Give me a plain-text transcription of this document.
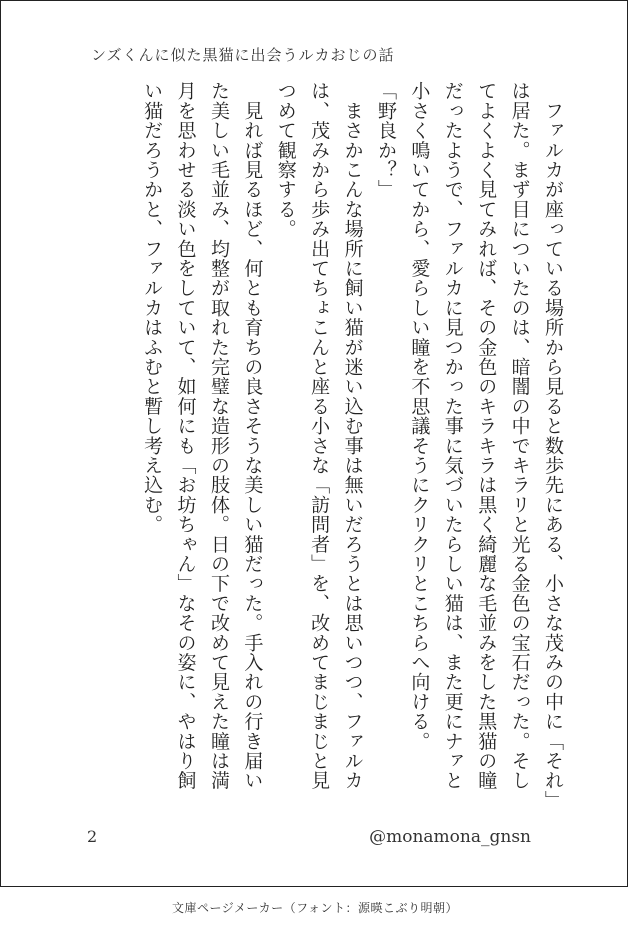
ンズくんに似た黒猫に出会うルカおじの話

　ファルカが座っている場所から見ると数歩先にある、小さな茂みの中に「それ」は居た。まず目についたのは、暗闇の中でキラリと光る金色の宝石だった。そしてよくよく見てみれば、その金色のキラキラは黒く綺麗な毛並みをした黒猫の瞳だったようで、ファルカに見つかった事に気づいたらしい猫は、また更にナァと小さく鳴いてから、愛らしい瞳を不思議そうにクリクリとこちらへ向ける。

「野良か？」

　まさかこんな場所に飼い猫が迷い込む事は無いだろうとは思いつつ、ファルカは、茂みから歩み出てちょこんと座る小さな「訪問者」を、改めてまじまじと見つめて観察する。

　見れば見るほど、何とも育ちの良さそうな美しい猫だった。手入れの行き届いた美しい毛並み、均整が取れた完璧な造形の肢体。日の下で改めて見えた瞳は満月を思わせる淡い色をしていて、如何にも「お坊ちゃん」なその姿に、やはり飼い猫だろうかと、ファルカはふむと暫し考え込む。

2	@monamona_gnsn
文庫ページメーカー（フォント：源暎こぶり明朝）
